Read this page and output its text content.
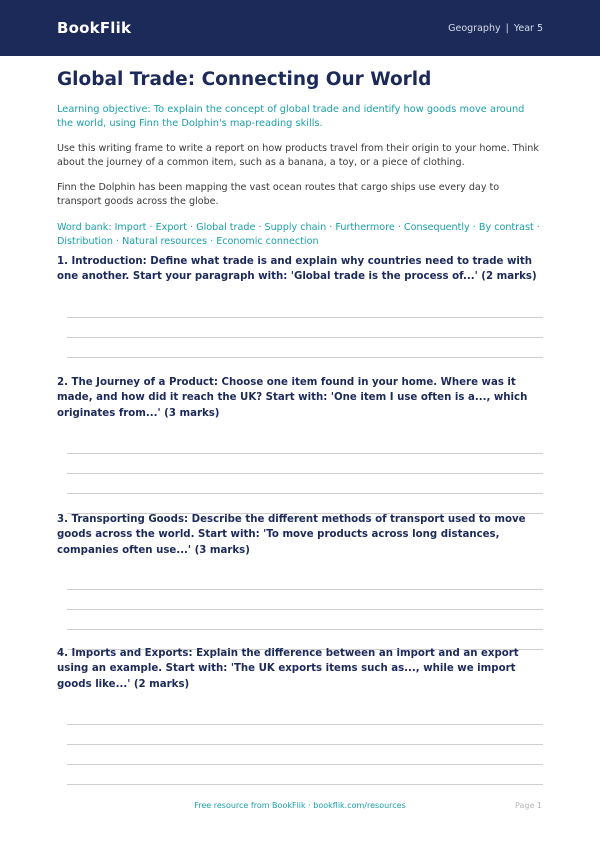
BookFlik	Geography | Year 5
Global Trade: Connecting Our World

Learning objective: To explain the concept of global trade and identify how goods move around the world, using Finn the Dolphin's map-reading skills.

Use this writing frame to write a report on how products travel from their origin to your home. Think about the journey of a common item, such as a banana, a toy, or a piece of clothing.

Finn the Dolphin has been mapping the vast ocean routes that cargo ships use every day to transport goods across the globe.

Word bank: Import · Export · Global trade · Supply chain · Furthermore · Consequently · By contrast · Distribution · Natural resources · Economic connection

1. Introduction: Define what trade is and explain why countries need to trade with one another. Start your paragraph with: 'Global trade is the process of...' (2 marks)

2. The Journey of a Product: Choose one item found in your home. Where was it made, and how did it reach the UK? Start with: 'One item I use often is a..., which originates from...' (3 marks)

3. Transporting Goods: Describe the different methods of transport used to move goods across the world. Start with: 'To move products across long distances, companies often use...' (3 marks)

4. Imports and Exports: Explain the difference between an import and an export using an example. Start with: 'The UK exports items such as..., while we import goods like...' (2 marks)

Free resource from BookFlik · bookflik.com/resources	Page 1
